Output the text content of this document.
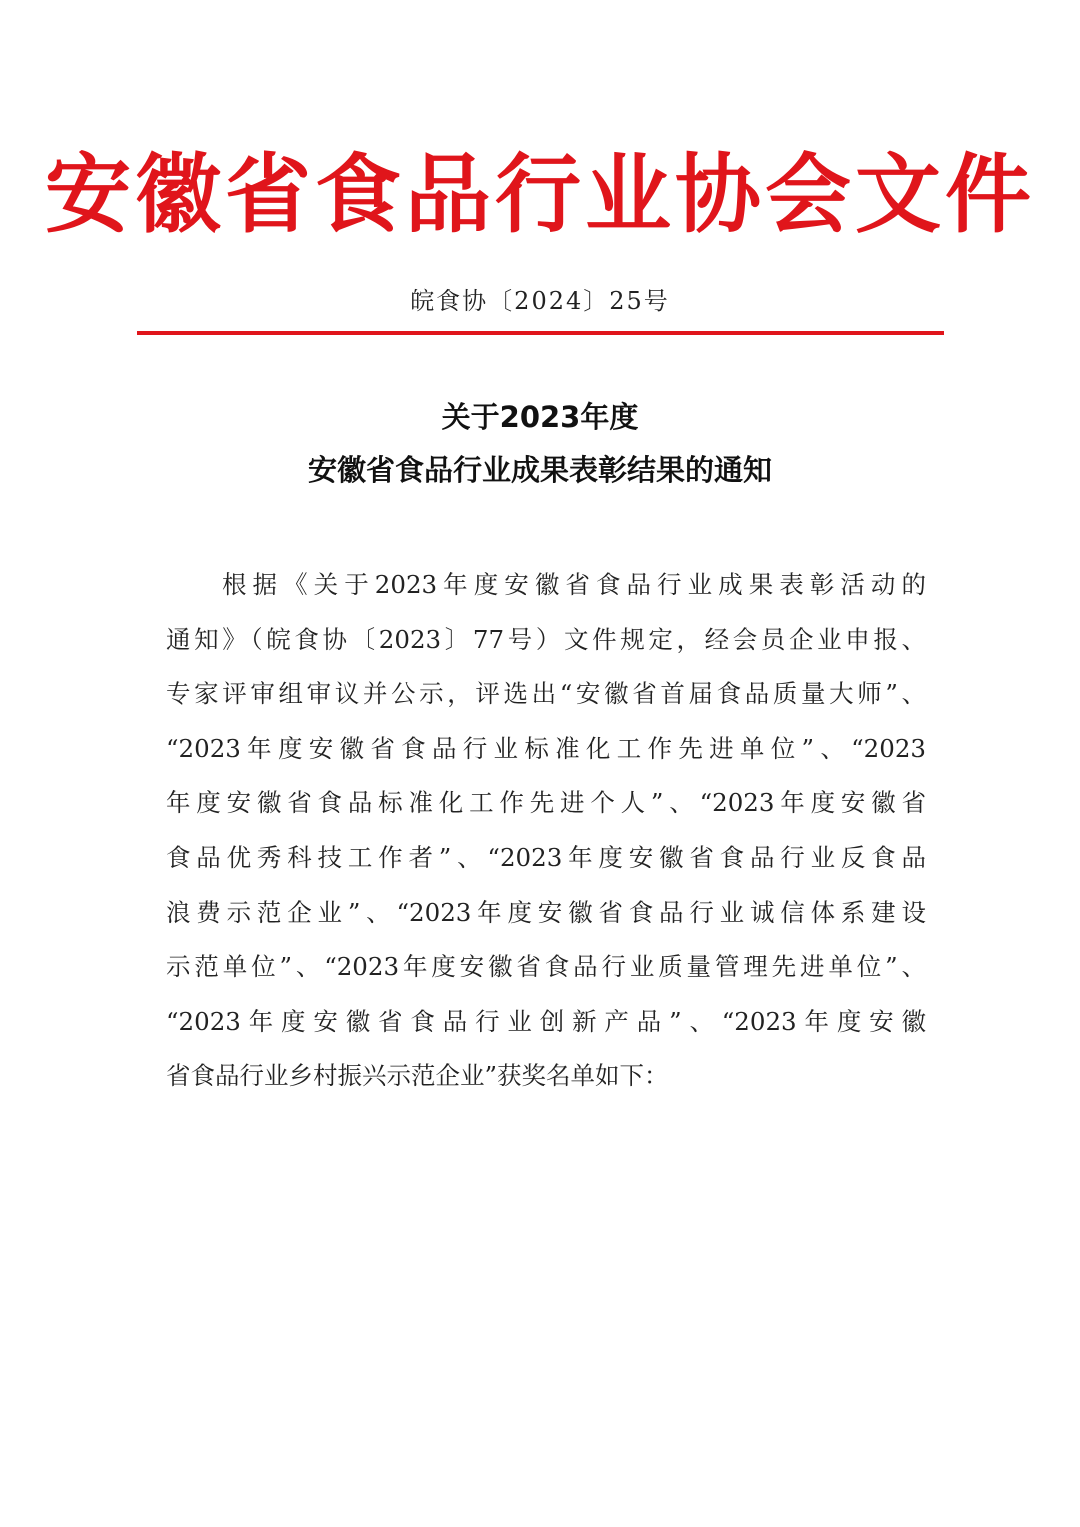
安徽省食品行业协会文件
皖食协〔2024〕25号
关于2023年度
安徽省食品行业成果表彰结果的通知
根据《关于2023年度安徽省食品行业成果表彰活动的
通知》（皖食协〔2023〕77号）文件规定，经会员企业申报、
专家评审组审议并公示，评选出“安徽省首届食品质量大师”、
“2023年度安徽省食品行业标准化工作先进单位”、“2023
年度安徽省食品标准化工作先进个人”、“2023年度安徽省
食品优秀科技工作者”、“2023年度安徽省食品行业反食品
浪费示范企业”、“2023年度安徽省食品行业诚信体系建设
示范单位”、“2023年度安徽省食品行业质量管理先进单位”、
“2023年度安徽省食品行业创新产品”、“2023年度安徽
省食品行业乡村振兴示范企业”获奖名单如下：
